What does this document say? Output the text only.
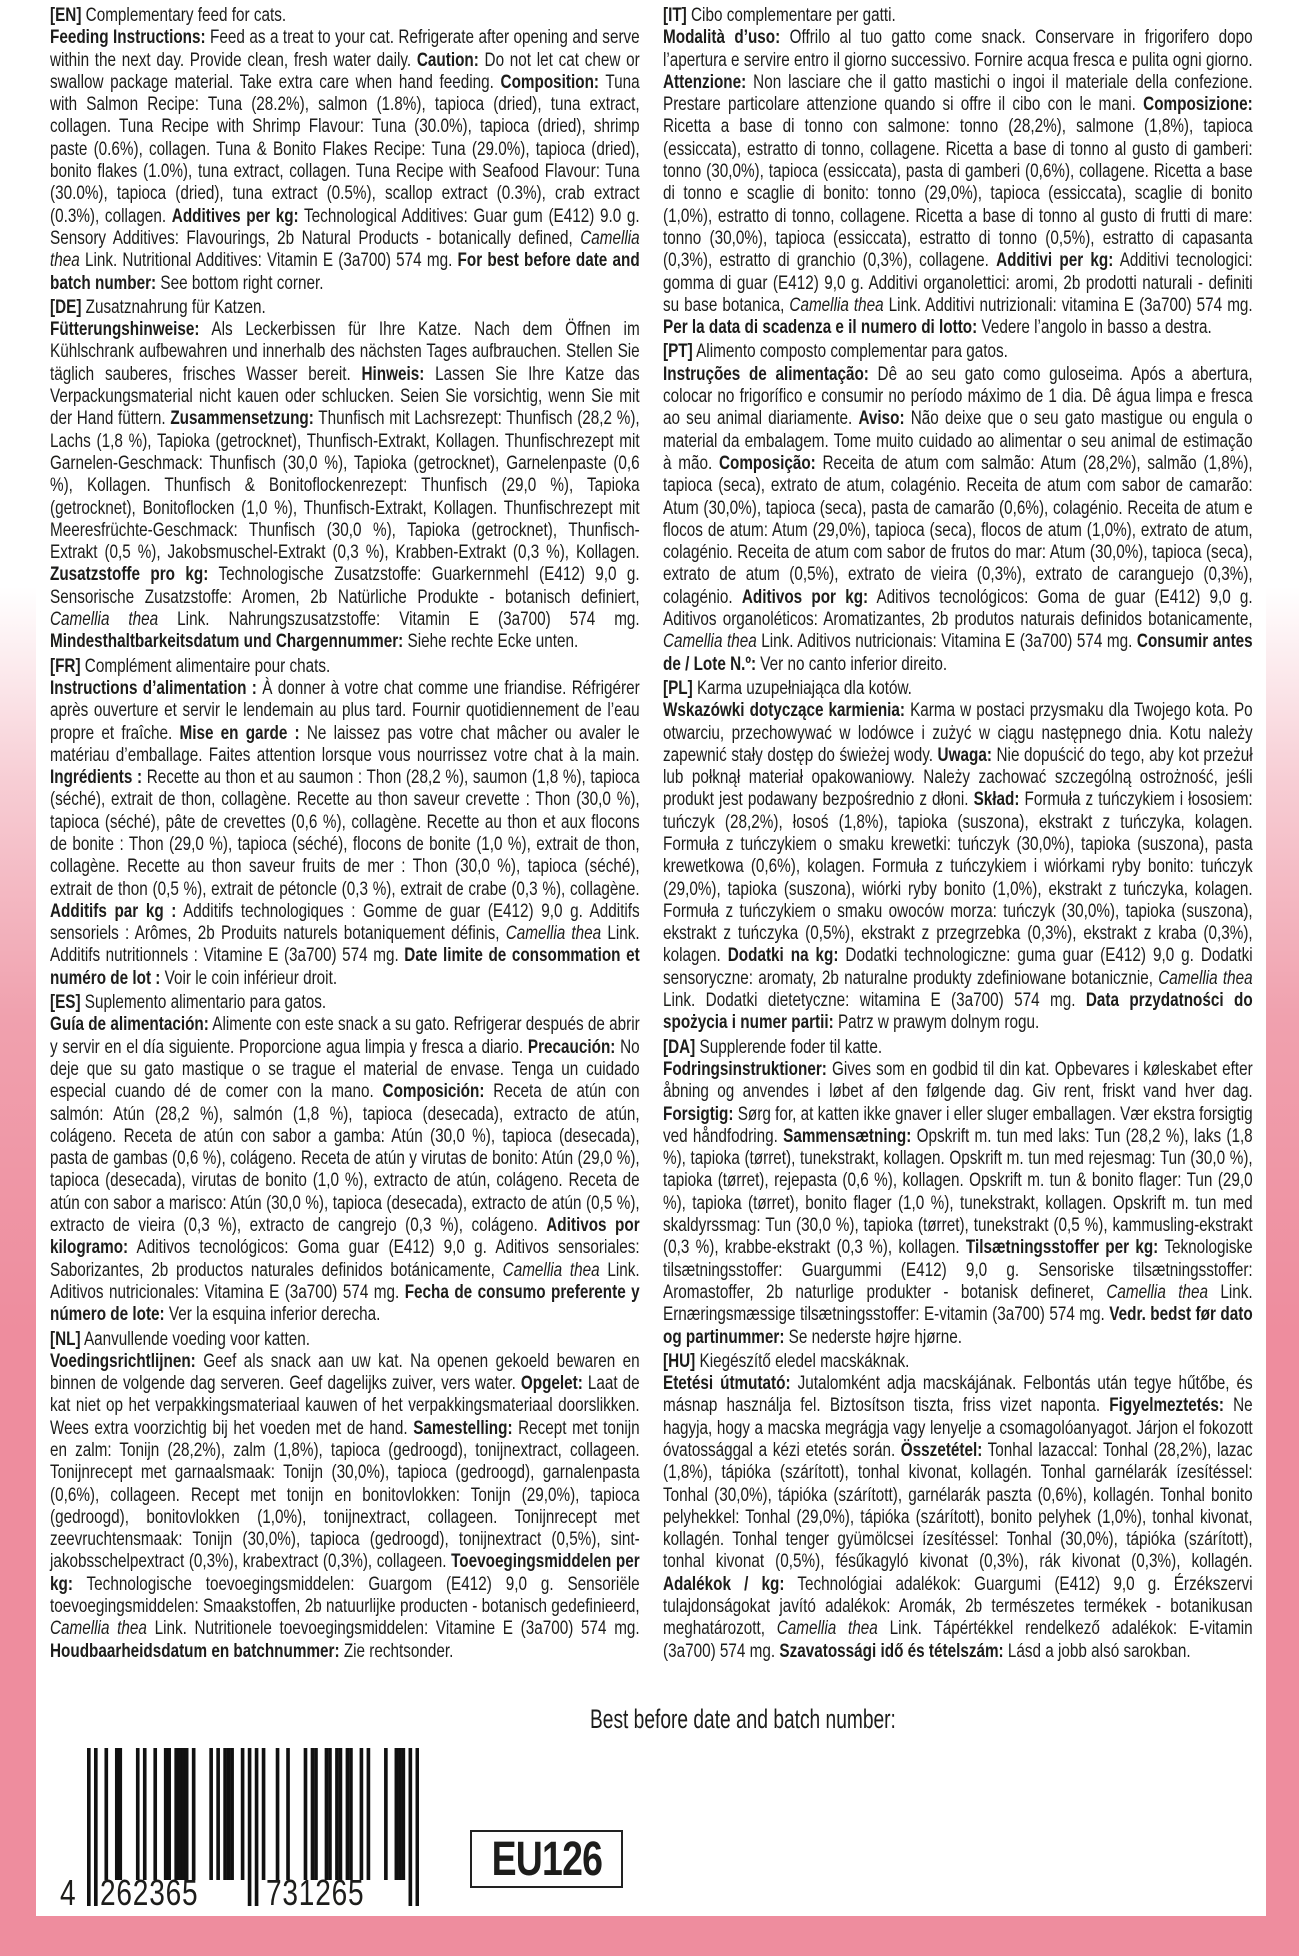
[EN] Complementary feed for cats.
Feeding Instructions: Feed as a treat to your cat. Refrigerate after opening and serve within the next day. Provide clean, fresh water daily. Caution: Do not let cat chew or swallow package material. Take extra care when hand feeding. Composition: Tuna with Salmon Recipe: Tuna (28.2%), salmon (1.8%), tapioca (dried), tuna extract, collagen. Tuna Recipe with Shrimp Flavour: Tuna (30.0%), tapioca (dried), shrimp paste (0.6%), collagen. Tuna & Bonito Flakes Recipe: Tuna (29.0%), tapioca (dried), bonito flakes (1.0%), tuna extract, collagen. Tuna Recipe with Seafood Flavour: Tuna (30.0%), tapioca (dried), tuna extract (0.5%), scallop extract (0.3%), crab extract (0.3%), collagen. Additives per kg: Technological Additives: Guar gum (E412) 9.0 g. Sensory Additives: Flavourings, 2b Natural Products - botanically defined, Camellia thea Link. Nutritional Additives: Vitamin E (3a700) 574 mg. For best before date and batch number: See bottom right corner.
[DE] Zusatznahrung für Katzen.
Fütterungshinweise: Als Leckerbissen für Ihre Katze. Nach dem Öffnen im Kühlschrank aufbewahren und innerhalb des nächsten Tages aufbrauchen. Stellen Sie täglich sauberes, frisches Wasser bereit. Hinweis: Lassen Sie Ihre Katze das Verpackungsmaterial nicht kauen oder schlucken. Seien Sie vorsichtig, wenn Sie mit der Hand füttern. Zusammensetzung: Thunfisch mit Lachsrezept: Thunfisch (28,2 %), Lachs (1,8 %), Tapioka (getrocknet), Thunfisch-Extrakt, Kollagen. Thunfischrezept mit Garnelen-Geschmack: Thunfisch (30,0 %), Tapioka (getrocknet), Garnelenpaste (0,6 %), Kollagen. Thunfisch & Bonitoflockenrezept: Thunfisch (29,0 %), Tapioka (getrocknet), Bonitoflocken (1,0 %), Thunfisch-Extrakt, Kollagen. Thunfischrezept mit Meeresfrüchte-Geschmack: Thunfisch (30,0 %), Tapioka (getrocknet), Thunfisch-Extrakt (0,5 %), Jakobsmuschel-Extrakt (0,3 %), Krabben-Extrakt (0,3 %), Kollagen. Zusatzstoffe pro kg: Technologische Zusatzstoffe: Guarkernmehl (E412) 9,0 g. Sensorische Zusatzstoffe: Aromen, 2b Natürliche Produkte - botanisch definiert, Camellia thea Link. Nahrungszusatzstoffe: Vitamin E (3a700) 574 mg. Mindesthaltbarkeitsdatum und Chargennummer: Siehe rechte Ecke unten.
[FR] Complément alimentaire pour chats.
Instructions d’alimentation : À donner à votre chat comme une friandise. Réfrigérer après ouverture et servir le lendemain au plus tard. Fournir quotidiennement de l’eau propre et fraîche. Mise en garde : Ne laissez pas votre chat mâcher ou avaler le matériau d’emballage. Faites attention lorsque vous nourrissez votre chat à la main. Ingrédients : Recette au thon et au saumon : Thon (28,2 %), saumon (1,8 %), tapioca (séché), extrait de thon, collagène. Recette au thon saveur crevette : Thon (30,0 %), tapioca (séché), pâte de crevettes (0,6 %), collagène. Recette au thon et aux flocons de bonite : Thon (29,0 %), tapioca (séché), flocons de bonite (1,0 %), extrait de thon, collagène. Recette au thon saveur fruits de mer : Thon (30,0 %), tapioca (séché), extrait de thon (0,5 %), extrait de pétoncle (0,3 %), extrait de crabe (0,3 %), collagène. Additifs par kg : Additifs technologiques : Gomme de guar (E412) 9,0 g. Additifs sensoriels : Arômes, 2b Produits naturels botaniquement définis, Camellia thea Link. Additifs nutritionnels : Vitamine E (3a700) 574 mg. Date limite de consommation et numéro de lot : Voir le coin inférieur droit.
[ES] Suplemento alimentario para gatos.
Guía de alimentación: Alimente con este snack a su gato. Refrigerar después de abrir y servir en el día siguiente. Proporcione agua limpia y fresca a diario. Precaución: No deje que su gato mastique o se trague el material de envase. Tenga un cuidado especial cuando dé de comer con la mano. Composición: Receta de atún con salmón: Atún (28,2 %), salmón (1,8 %), tapioca (desecada), extracto de atún, colágeno. Receta de atún con sabor a gamba: Atún (30,0 %), tapioca (desecada), pasta de gambas (0,6 %), colágeno. Receta de atún y virutas de bonito: Atún (29,0 %), tapioca (desecada), virutas de bonito (1,0 %), extracto de atún, colágeno. Receta de atún con sabor a marisco: Atún (30,0 %), tapioca (desecada), extracto de atún (0,5 %), extracto de vieira (0,3 %), extracto de cangrejo (0,3 %), colágeno. Aditivos por kilogramo: Aditivos tecnológicos: Goma guar (E412) 9,0 g. Aditivos sensoriales: Saborizantes, 2b productos naturales definidos botánicamente, Camellia thea Link. Aditivos nutricionales: Vitamina E (3a700) 574 mg. Fecha de consumo preferente y número de lote: Ver la esquina inferior derecha.
[NL] Aanvullende voeding voor katten.
Voedingsrichtlijnen: Geef als snack aan uw kat. Na openen gekoeld bewaren en binnen de volgende dag serveren. Geef dagelijks zuiver, vers water. Opgelet: Laat de kat niet op het verpakkingsmateriaal kauwen of het verpakkingsmateriaal doorslikken. Wees extra voorzichtig bij het voeden met de hand. Samestelling: Recept met tonijn en zalm: Tonijn (28,2%), zalm (1,8%), tapioca (gedroogd), tonijnextract, collageen. Tonijnrecept met garnaalsmaak: Tonijn (30,0%), tapioca (gedroogd), garnalenpasta (0,6%), collageen. Recept met tonijn en bonitovlokken: Tonijn (29,0%), tapioca (gedroogd), bonitovlokken (1,0%), tonijnextract, collageen. Tonijnrecept met zeevruchtensmaak: Tonijn (30,0%), tapioca (gedroogd), tonijnextract (0,5%), sint-jakobsschelpextract (0,3%), krabextract (0,3%), collageen. Toevoegingsmiddelen per kg: Technologische toevoegingsmiddelen: Guargom (E412) 9,0 g. Sensoriële toevoegingsmiddelen: Smaakstoffen, 2b natuurlijke producten - botanisch gedefinieerd, Camellia thea Link. Nutritionele toevoegingsmiddelen: Vitamine E (3a700) 574 mg. Houdbaarheidsdatum en batchnummer: Zie rechtsonder.
[IT] Cibo complementare per gatti.
Modalità d’uso: Offrilo al tuo gatto come snack. Conservare in frigorifero dopo l’apertura e servire entro il giorno successivo. Fornire acqua fresca e pulita ogni giorno. Attenzione: Non lasciare che il gatto mastichi o ingoi il materiale della confezione. Prestare particolare attenzione quando si offre il cibo con le mani. Composizione: Ricetta a base di tonno con salmone: tonno (28,2%), salmone (1,8%), tapioca (essiccata), estratto di tonno, collagene. Ricetta a base di tonno al gusto di gamberi: tonno (30,0%), tapioca (essiccata), pasta di gamberi (0,6%), collagene. Ricetta a base di tonno e scaglie di bonito: tonno (29,0%), tapioca (essiccata), scaglie di bonito (1,0%), estratto di tonno, collagene. Ricetta a base di tonno al gusto di frutti di mare: tonno (30,0%), tapioca (essiccata), estratto di tonno (0,5%), estratto di capasanta (0,3%), estratto di granchio (0,3%), collagene. Additivi per kg: Additivi tecnologici: gomma di guar (E412) 9,0 g. Additivi organolettici: aromi, 2b prodotti naturali - definiti su base botanica, Camellia thea Link. Additivi nutrizionali: vitamina E (3a700) 574 mg. Per la data di scadenza e il numero di lotto: Vedere l’angolo in basso a destra.
[PT] Alimento composto complementar para gatos.
Instruções de alimentação: Dê ao seu gato como guloseima. Após a abertura, colocar no frigorífico e consumir no período máximo de 1 dia. Dê água limpa e fresca ao seu animal diariamente. Aviso: Não deixe que o seu gato mastigue ou engula o material da embalagem. Tome muito cuidado ao alimentar o seu animal de estimação à mão. Composição: Receita de atum com salmão: Atum (28,2%), salmão (1,8%), tapioca (seca), extrato de atum, colagénio. Receita de atum com sabor de camarão: Atum (30,0%), tapioca (seca), pasta de camarão (0,6%), colagénio. Receita de atum e flocos de atum: Atum (29,0%), tapioca (seca), flocos de atum (1,0%), extrato de atum, colagénio. Receita de atum com sabor de frutos do mar: Atum (30,0%), tapioca (seca), extrato de atum (0,5%), extrato de vieira (0,3%), extrato de caranguejo (0,3%), colagénio. Aditivos por kg: Aditivos tecnológicos: Goma de guar (E412) 9,0 g. Aditivos organoléticos: Aromatizantes, 2b produtos naturais definidos botanicamente, Camellia thea Link. Aditivos nutricionais: Vitamina E (3a700) 574 mg. Consumir antes de / Lote N.º: Ver no canto inferior direito.
[PL] Karma uzupełniająca dla kotów.
Wskazówki dotyczące karmienia: Karma w postaci przysmaku dla Twojego kota. Po otwarciu, przechowywać w lodówce i zużyć w ciągu następnego dnia. Kotu należy zapewnić stały dostęp do świeżej wody. Uwaga: Nie dopuścić do tego, aby kot przeżuł lub połknął materiał opakowaniowy. Należy zachować szczególną ostrożność, jeśli produkt jest podawany bezpośrednio z dłoni. Skład: Formuła z tuńczykiem i łososiem: tuńczyk (28,2%), łosoś (1,8%), tapioka (suszona), ekstrakt z tuńczyka, kolagen. Formuła z tuńczykiem o smaku krewetki: tuńczyk (30,0%), tapioka (suszona), pasta krewetkowa (0,6%), kolagen. Formuła z tuńczykiem i wiórkami ryby bonito: tuńczyk (29,0%), tapioka (suszona), wiórki ryby bonito (1,0%), ekstrakt z tuńczyka, kolagen. Formuła z tuńczykiem o smaku owoców morza: tuńczyk (30,0%), tapioka (suszona), ekstrakt z tuńczyka (0,5%), ekstrakt z przegrzebka (0,3%), ekstrakt z kraba (0,3%), kolagen. Dodatki na kg: Dodatki technologiczne: guma guar (E412) 9,0 g. Dodatki sensoryczne: aromaty, 2b naturalne produkty zdefiniowane botanicznie, Camellia thea Link. Dodatki dietetyczne: witamina E (3a700) 574 mg. Data przydatności do spożycia i numer partii: Patrz w prawym dolnym rogu.
[DA] Supplerende foder til katte.
Fodringsinstruktioner: Gives som en godbid til din kat. Opbevares i køleskabet efter åbning og anvendes i løbet af den følgende dag. Giv rent, friskt vand hver dag. Forsigtig: Sørg for, at katten ikke gnaver i eller sluger emballagen. Vær ekstra forsigtig ved håndfodring. Sammensætning: Opskrift m. tun med laks: Tun (28,2 %), laks (1,8 %), tapioka (tørret), tunekstrakt, kollagen. Opskrift m. tun med rejesmag: Tun (30,0 %), tapioka (tørret), rejepasta (0,6 %), kollagen. Opskrift m. tun & bonito flager: Tun (29,0 %), tapioka (tørret), bonito flager (1,0 %), tunekstrakt, kollagen. Opskrift m. tun med skaldyrssmag: Tun (30,0 %), tapioka (tørret), tunekstrakt (0,5 %), kammusling-ekstrakt (0,3 %), krabbe-ekstrakt (0,3 %), kollagen. Tilsætningsstoffer per kg: Teknologiske tilsætningsstoffer: Guargummi (E412) 9,0 g. Sensoriske tilsætningsstoffer: Aromastoffer, 2b naturlige produkter - botanisk defineret, Camellia thea Link. Ernæringsmæssige tilsætningsstoffer: E-vitamin (3a700) 574 mg. Vedr. bedst før dato og partinummer: Se nederste højre hjørne.
[HU] Kiegészítő eledel macskáknak.
Etetési útmutató: Jutalomként adja macskájának. Felbontás után tegye hűtőbe, és másnap használja fel. Biztosítson tiszta, friss vizet naponta. Figyelmeztetés: Ne hagyja, hogy a macska megrágja vagy lenyelje a csomagolóanyagot. Járjon el fokozott óvatossággal a kézi etetés során. Összetétel: Tonhal lazaccal: Tonhal (28,2%), lazac (1,8%), tápióka (szárított), tonhal kivonat, kollagén. Tonhal garnélarák ízesítéssel: Tonhal (30,0%), tápióka (szárított), garnélarák paszta (0,6%), kollagén. Tonhal bonito pelyhekkel: Tonhal (29,0%), tápióka (szárított), bonito pelyhek (1,0%), tonhal kivonat, kollagén. Tonhal tenger gyümölcsei ízesítéssel: Tonhal (30,0%), tápióka (szárított), tonhal kivonat (0,5%), fésűkagyló kivonat (0,3%), rák kivonat (0,3%), kollagén. Adalékok / kg: Technológiai adalékok: Guargumi (E412) 9,0 g. Érzékszervi tulajdonságokat javító adalékok: Aromák, 2b természetes termékek - botanikusan meghatározott, Camellia thea Link. Tápértékkel rendelkező adalékok: E-vitamin (3a700) 574 mg. Szavatossági idő és tételszám: Lásd a jobb alsó sarokban.
Best before date and batch number:
4 262365 731265
EU126
